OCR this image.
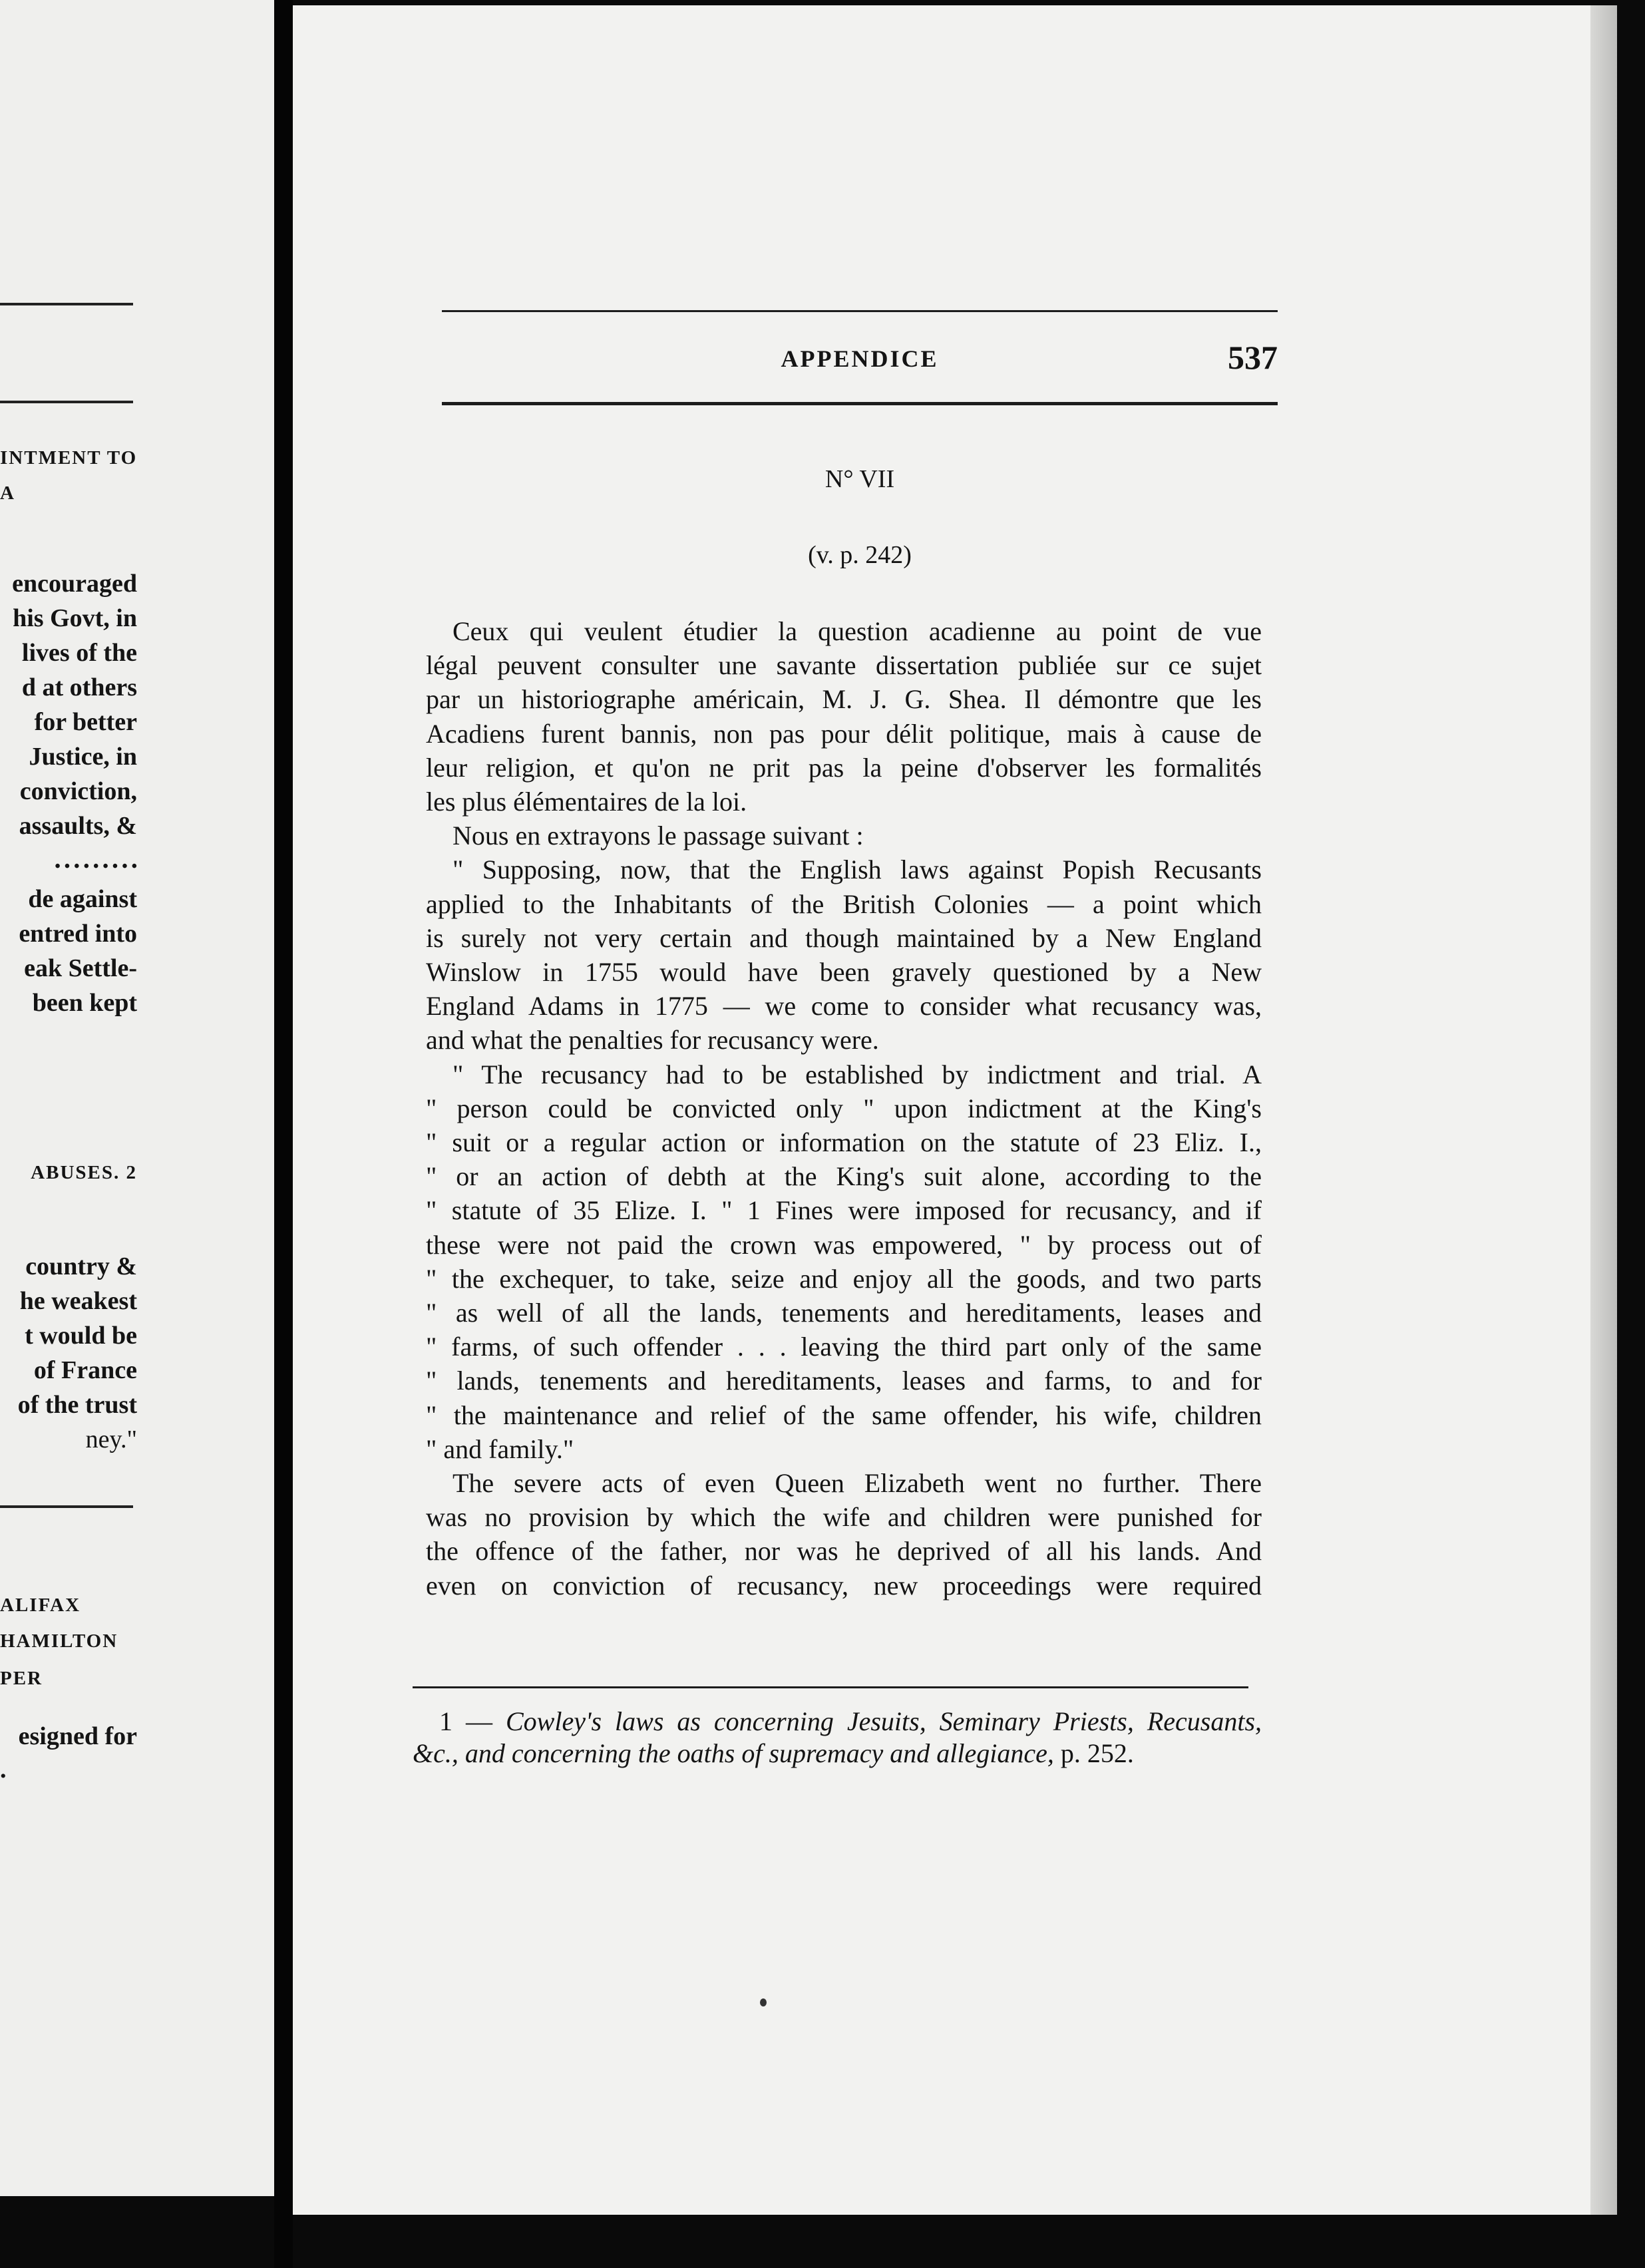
INTMENT TO
A
encouraged
his Govt, in
lives of the
d at others
for better
Justice, in
conviction,
assaults, &
• • • • • • • • •
de against
entred into
eak Settle-
been kept
ABUSES. 2
country &
he weakest
t would be
of France
of the trust
ney."
ALIFAX
HAMILTON
PER
esigned for
.
APPENDICE	537
N° VII
(v. p. 242)
Ceux qui veulent étudier la question acadienne au point de vue
légal peuvent consulter une savante dissertation publiée sur ce sujet
par un historiographe américain, M. J. G. Shea. Il démontre que les
Acadiens furent bannis, non pas pour délit politique, mais à cause de
leur religion, et qu'on ne prit pas la peine d'observer les formalités
les plus élémentaires de la loi.
Nous en extrayons le passage suivant :
" Supposing, now, that the English laws against Popish Recusants
applied to the Inhabitants of the British Colonies — a point which
is surely not very certain and though maintained by a New England
Winslow in 1755 would have been gravely questioned by a New
England Adams in 1775 — we come to consider what recusancy was,
and what the penalties for recusancy were.
" The recusancy had to be established by indictment and trial. A
" person could be convicted only " upon indictment at the King's
" suit or a regular action or information on the statute of 23 Eliz. I.,
" or an action of debth at the King's suit alone, according to the
" statute of 35 Elize. I. " 1 Fines were imposed for recusancy, and if
these were not paid the crown was empowered, " by process out of
" the exchequer, to take, seize and enjoy all the goods, and two parts
" as well of all the lands, tenements and hereditaments, leases and
" farms, of such offender . . . leaving the third part only of the same
" lands, tenements and hereditaments, leases and farms, to and for
" the maintenance and relief of the same offender, his wife, children
" and family."
The severe acts of even Queen Elizabeth went no further. There
was no provision by which the wife and children were punished for
the offence of the father, nor was he deprived of all his lands. And
even on conviction of recusancy, new proceedings were required
1 — Cowley's laws as concerning Jesuits, Seminary Priests, Recusants,
&c., and concerning the oaths of supremacy and allegiance, p. 252.
